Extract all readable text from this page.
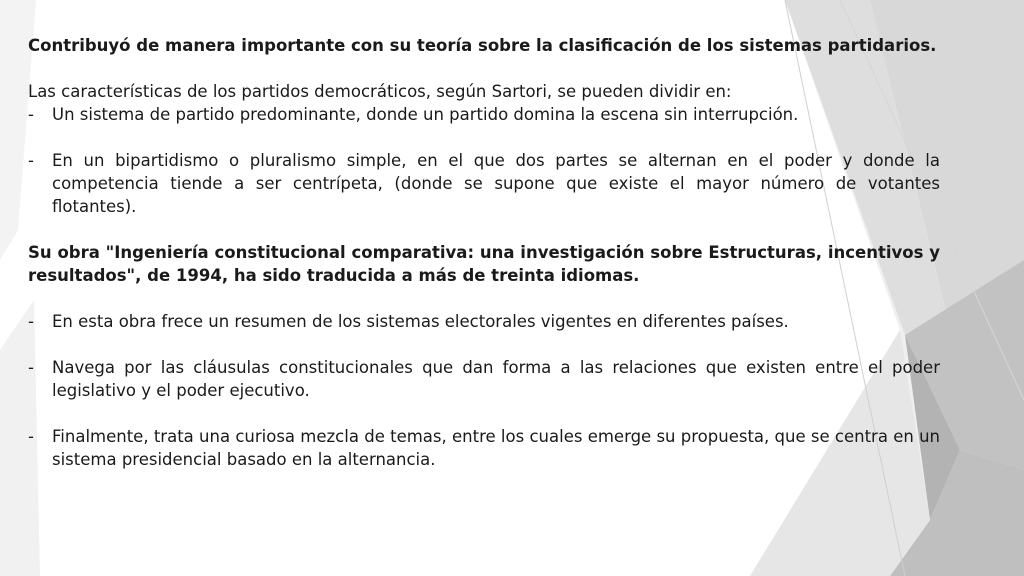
Contribuyó de manera importante con su teoría sobre la clasificación de los sistemas partidarios.

Las características de los partidos democráticos, según Sartori, se pueden dividir en:

-	Un sistema de partido predominante, donde un partido domina la escena sin interrupción.
-	En un bipartidismo o pluralismo simple, en el que dos partes se alternan en el poder y donde la competencia tiende a ser centrípeta, (donde se supone que existe el mayor número de votantes flotantes).

Su obra "Ingeniería constitucional comparativa: una investigación sobre Estructuras, incentivos y resultados", de 1994, ha sido traducida a más de treinta idiomas.

-	En esta obra frece un resumen de los sistemas electorales vigentes en diferentes países.
-	Navega por las cláusulas constitucionales que dan forma a las relaciones que existen entre el poder legislativo y el poder ejecutivo.
-	Finalmente, trata una curiosa mezcla de temas, entre los cuales emerge su propuesta, que se centra en un sistema presidencial basado en la alternancia.
